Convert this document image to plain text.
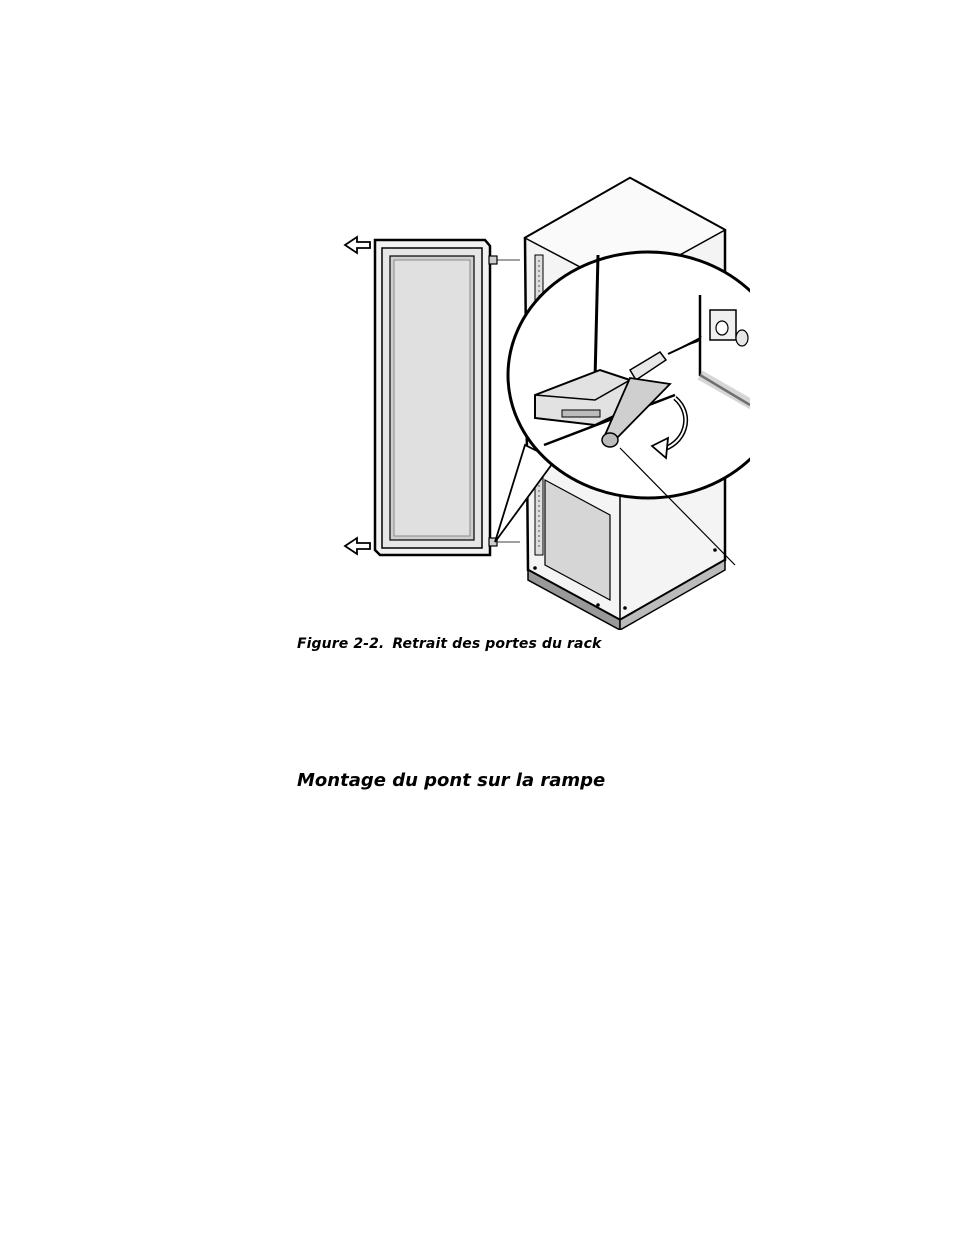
Figure 2-2. Retrait des portes du rack
Montage du pont sur la rampe
